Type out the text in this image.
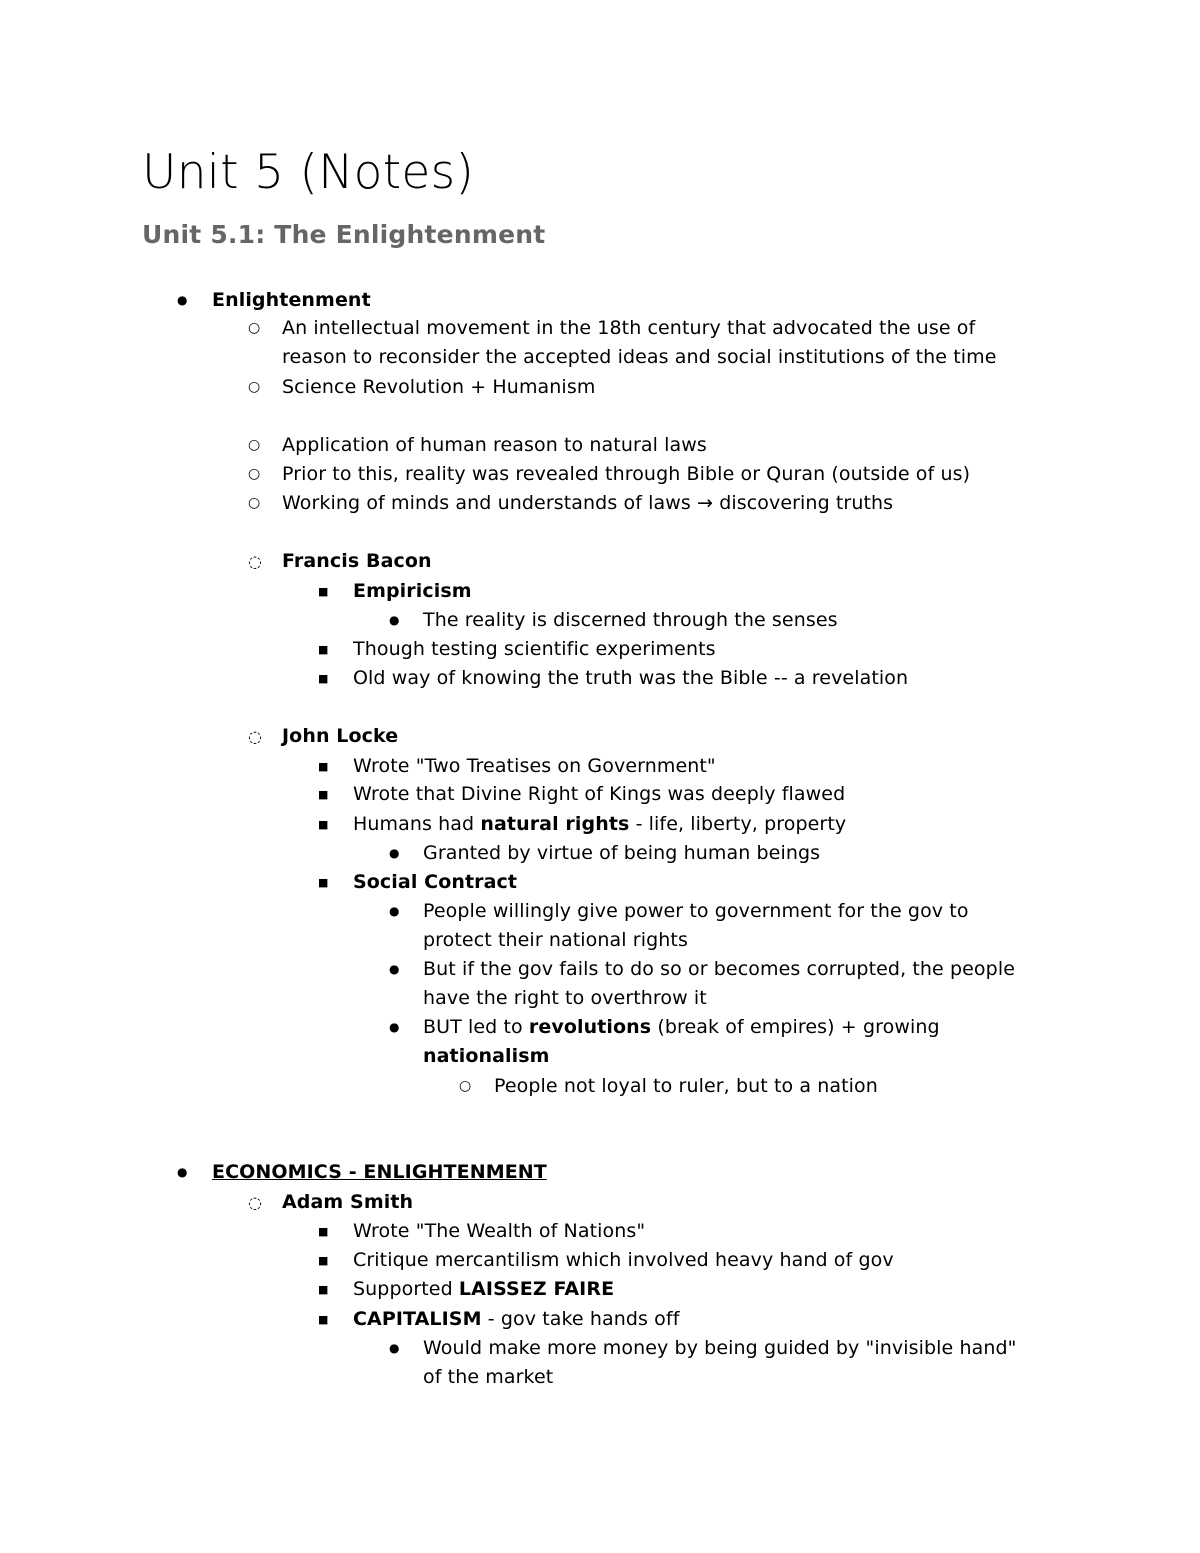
Unit 5 (Notes)
Unit 5.1: The Enlightenment
●
Enlightenment
○
An intellectual movement in the 18th century that advocated the use of
reason to reconsider the accepted ideas and social institutions of the time
○
Science Revolution + Humanism
○
Application of human reason to natural laws
○
Prior to this, reality was revealed through Bible or Quran (outside of us)
○
Working of minds and understands of laws → discovering truths
◌
Francis Bacon
■
Empiricism
●
The reality is discerned through the senses
■
Though testing scientific experiments
■
Old way of knowing the truth was the Bible -- a revelation
◌
John Locke
■
Wrote "Two Treatises on Government"
■
Wrote that Divine Right of Kings was deeply flawed
■
Humans had natural rights - life, liberty, property
●
Granted by virtue of being human beings
■
Social Contract
●
People willingly give power to government for the gov to
protect their national rights
●
But if the gov fails to do so or becomes corrupted, the people
have the right to overthrow it
●
BUT led to revolutions (break of empires) + growing
nationalism
○
People not loyal to ruler, but to a nation
●
ECONOMICS - ENLIGHTENMENT
◌
Adam Smith
■
Wrote "The Wealth of Nations"
■
Critique mercantilism which involved heavy hand of gov
■
Supported LAISSEZ FAIRE
■
CAPITALISM - gov take hands off
●
Would make more money by being guided by "invisible hand"
of the market
